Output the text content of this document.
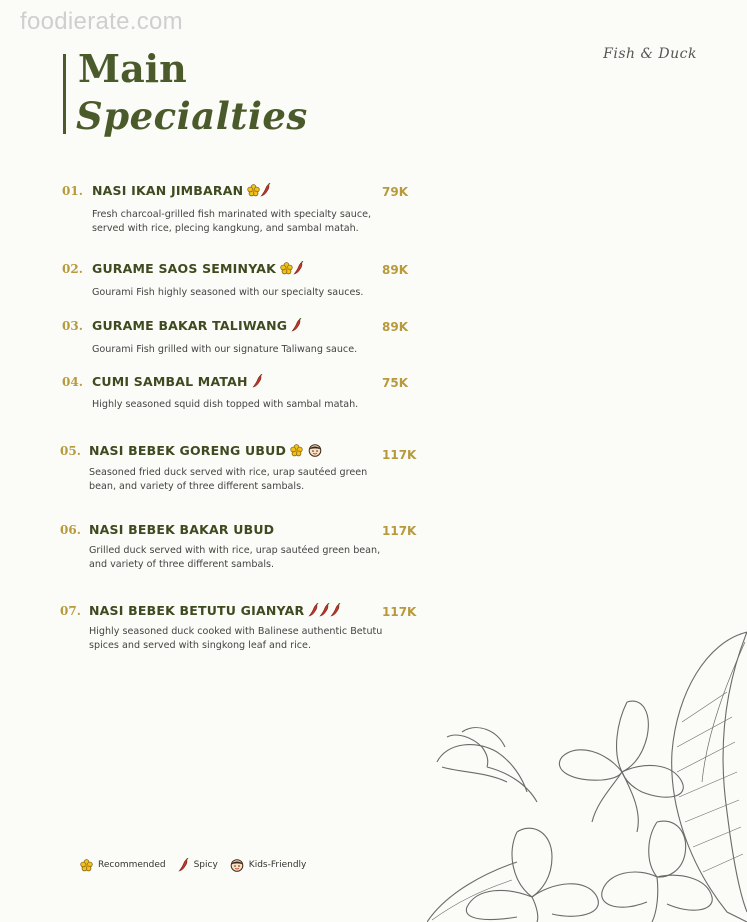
foodierate.com
Main
Specialties
Fish & Duck
01. NASI IKAN JIMBARAN	79K
Fresh charcoal-grilled fish marinated with specialty sauce,
served with rice, plecing kangkung, and sambal matah.
02. GURAME SAOS SEMINYAK	89K
Gourami Fish highly seasoned with our specialty sauces.
03. GURAME BAKAR TALIWANG	89K
Gourami Fish grilled with our signature Taliwang sauce.
04. CUMI SAMBAL MATAH	75K
Highly seasoned squid dish topped with sambal matah.
05. NASI BEBEK GORENG UBUD	117K
Seasoned fried duck served with rice, urap sautéed green
bean, and variety of three different sambals.
06. NASI BEBEK BAKAR UBUD	117K
Grilled duck served with with rice, urap sautéed green bean,
and variety of three different sambals.
07. NASI BEBEK BETUTU GIANYAR	117K
Highly seasoned duck cooked with Balinese authentic Betutu
spices and served with singkong leaf and rice.
Recommended	Spicy	Kids-Friendly
